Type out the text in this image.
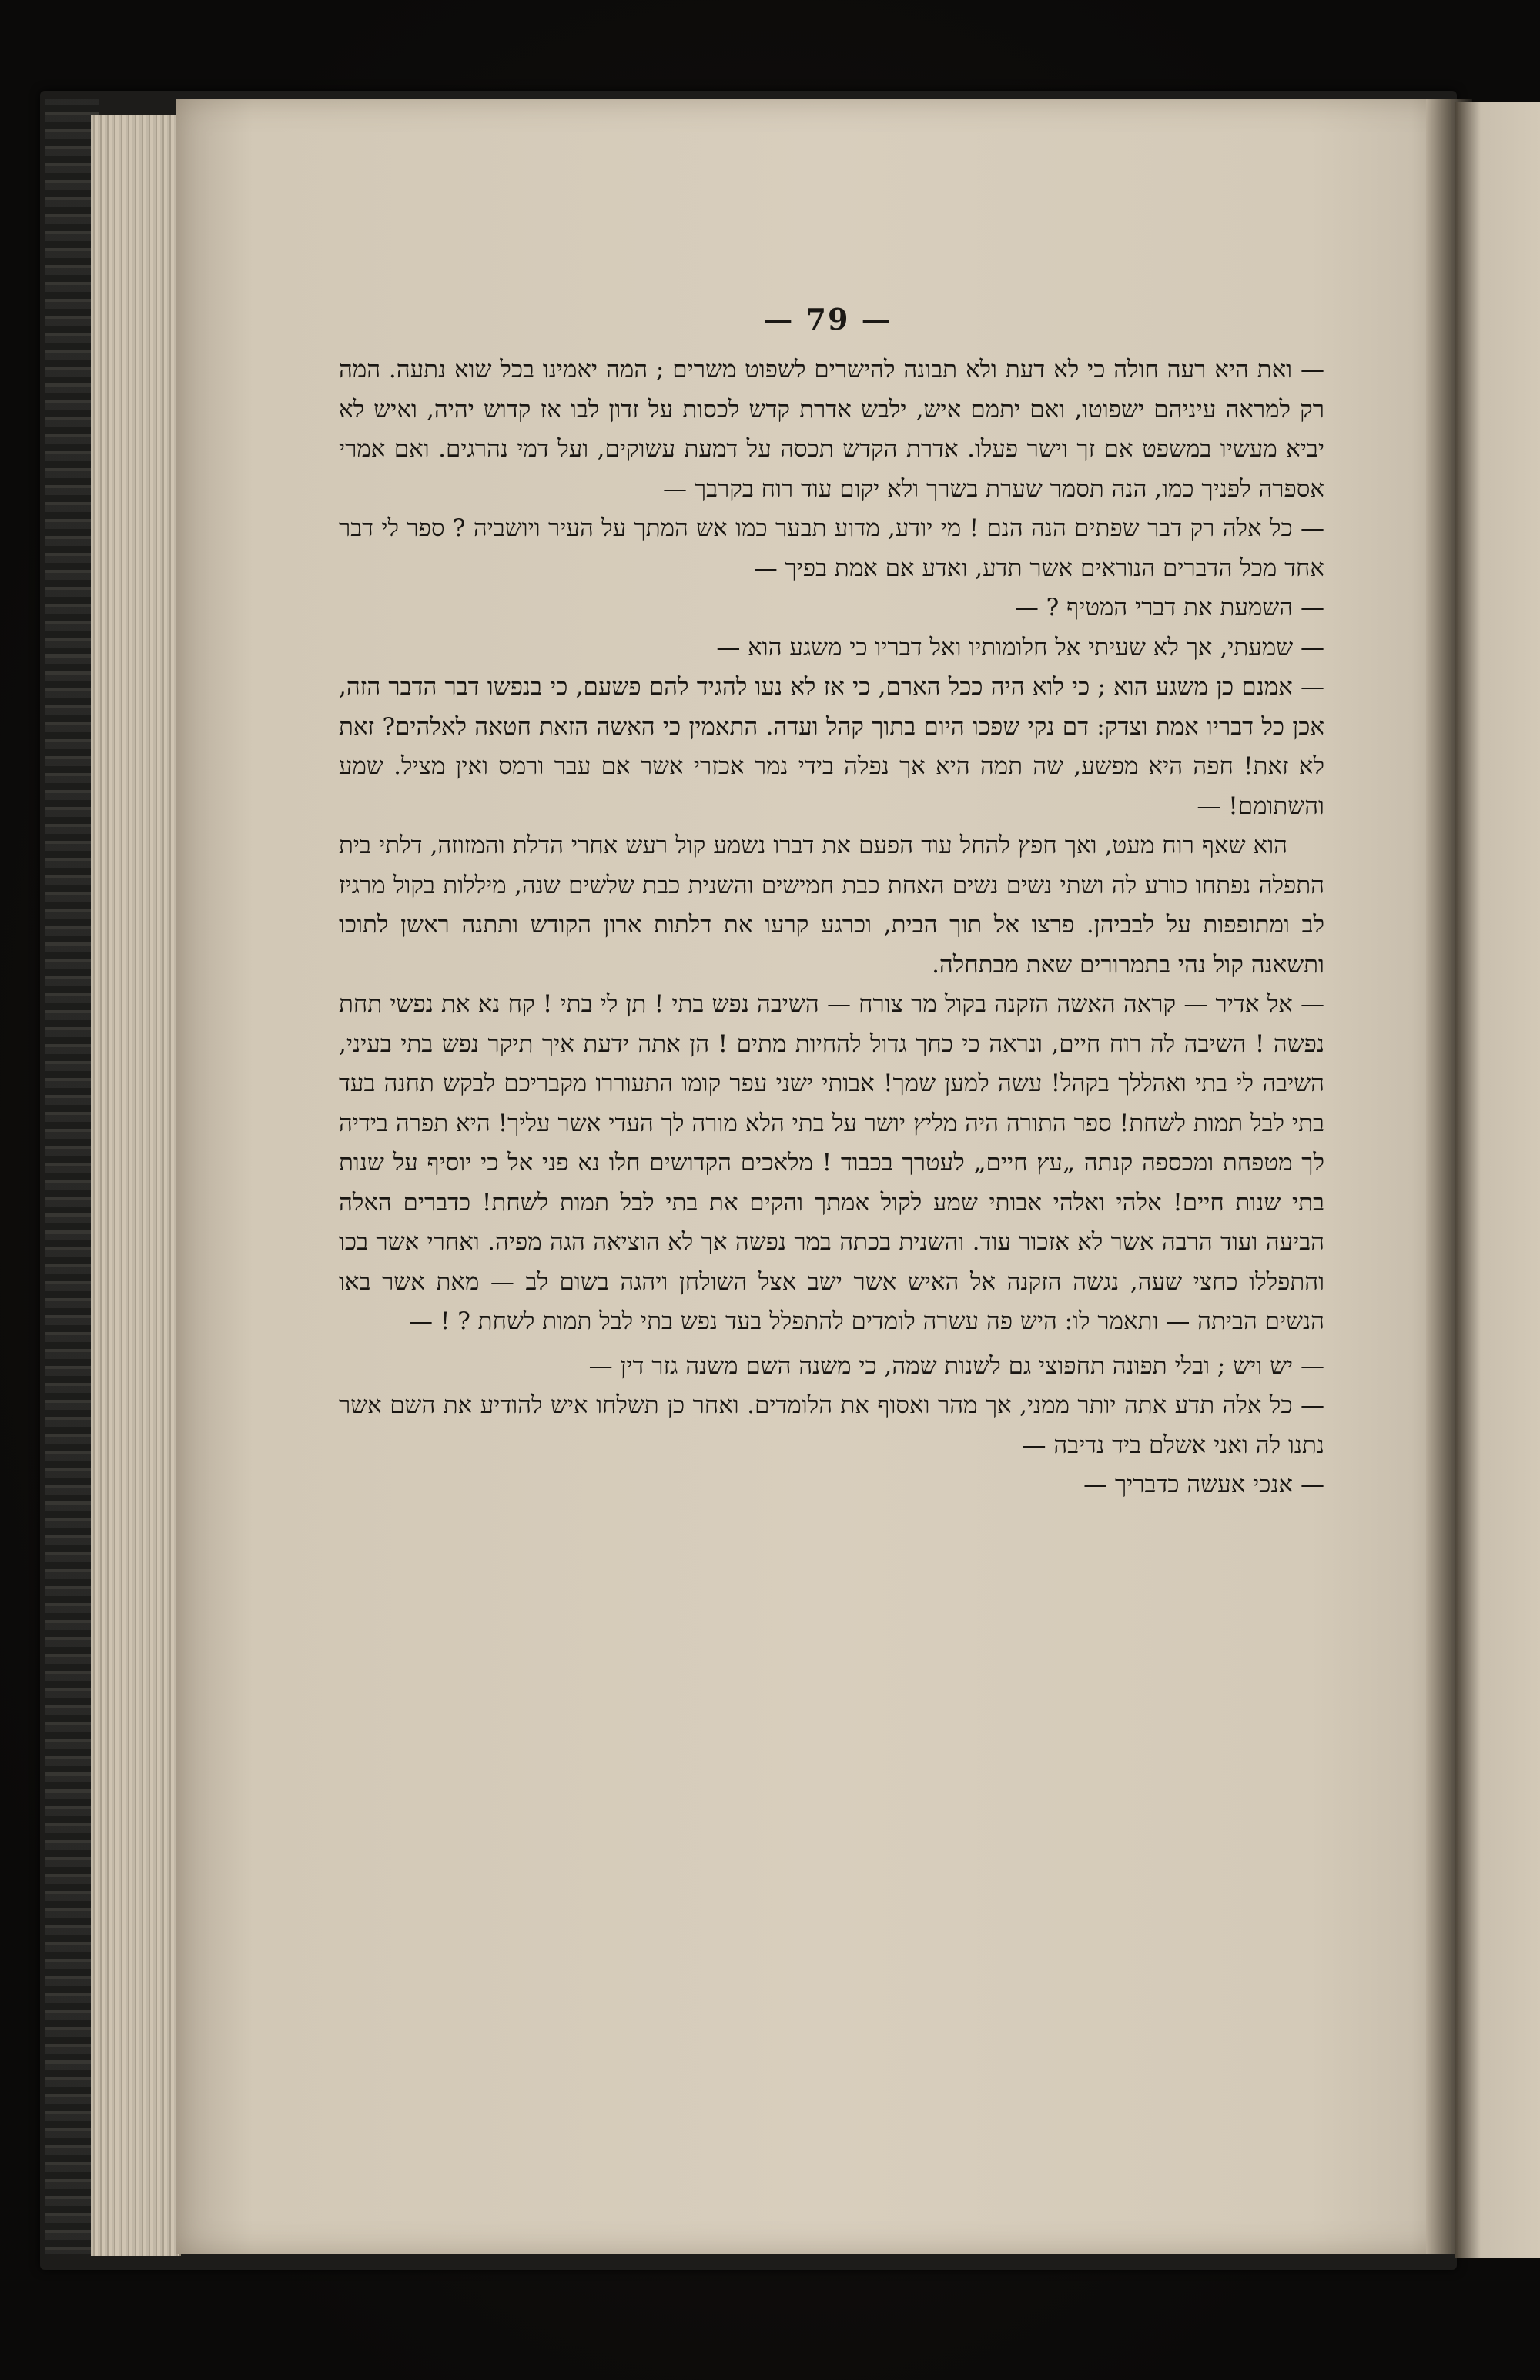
— 79 —

— ואת היא רעה חולה כי לא דעת ולא תבונה להישרים לשפוט משרים ; המה יאמינו בכל שוא נתעה. המה רק למראה עיניהם ישפוטו, ואם יתמם איש, ילבש אדרת קדש לכסות על זדון לבו אז קדוש יהיה, ואיש לא יביא מעשיו במשפט אם זך וישר פעלו. אדרת הקדש תכסה על דמעת עשוקים, ועל דמי נהרגים. ואם אמרי אספרה לפניך כמו, הנה תסמר שערת בשרך ולא יקום עוד רוח בקרבך —

— כל אלה רק דבר שפתים הנה הנם ! מי יודע, מדוע תבער כמו אש המתך על העיר ויושביה ? ספר לי דבר אחד מכל הדברים הנוראים אשר תדע, ואדע אם אמת בפיך —

— השמעת את דברי המטיף ? —

— שמעתי, אך לא שעיתי אל חלומותיו ואל דבריו כי משגע הוא —

— אמנם כן משגע הוא ; כי לוא היה ככל הארם, כי אז לא נעו להגיד להם פשעם, כי בנפשו דבר הדבר הזה, אכן כל דבריו אמת וצדק: דם נקי שפכו היום בתוך קהל ועדה. התאמין כי האשה הזאת חטאה לאלהים? זאת לא זאת! חפה היא מפשע, שה תמה היא אך נפלה בידי נמר אכזרי אשר אם עבר ורמס ואין מציל. שמע והשתומם! —

הוא שאף רוח מעט, ואך חפץ להחל עוד הפעם את דברו נשמע קול רעש אחרי הדלת והמזוזה, דלתי בית התפלה נפתחו כורע לה ושתי נשים נשים האחת כבת חמישים והשנית כבת שלשים שנה, מיללות בקול מרגיז לב ומתופפות על לבביהן. פרצו אל תוך הבית, וכרגע קרעו את דלתות ארון הקודש ותתנה ראשן לתוכו ותשאנה קול נהי בתמרורים שאת מבתחלה.

— אל אדיר — קראה האשה הזקנה בקול מר צורח — השיבה נפש בתי ! תן לי בתי ! קח נא את נפשי תחת נפשה ! השיבה לה רוח חיים, ונראה כי כחך גדול להחיות מתים ! הן אתה ידעת איך תיקר נפש בתי בעיני, השיבה לי בתי ואהללך בקהל! עשה למען שמך! אבותי ישני עפר קומו התעוררו מקבריכם לבקש תחנה בעד בתי לבל תמות לשחת! ספר התורה היה מליץ יושר על בתי הלא מורה לך העדי אשר עליך! היא תפרה בידיה לך מטפחת ומכספה קנתה „עץ חיים„ לעטרך בכבוד ! מלאכים הקדושים חלו נא פני אל כי יוסיף על שנות בתי שנות חיים! אלהי ואלהי אבותי שמע לקול אמתך והקים את בתי לבל תמות לשחת! כדברים האלה הביעה ועוד הרבה אשר לא אזכור עוד. והשנית בכתה במר נפשה אך לא הוציאה הגה מפיה. ואחרי אשר בכו והתפללו כחצי שעה, נגשה הזקנה אל האיש אשר ישב אצל השולחן ויהגה בשום לב — מאת אשר באו הנשים הביתה — ותאמר לו: היש פה עשרה לומדים להתפלל בעד נפש בתי לבל תמות לשחת ? ! —

— יש ויש ; ובלי תפונה תחפוצי גם לשנות שמה, כי משנה השם משנה גזר דין —

— כל אלה תדע אתה יותר ממני, אך מהר ואסוף את הלומדים. ואחר כן תשלחו איש להודיע את השם אשר נתנו לה ואני אשלם ביד נדיבה —

— אנכי אעשה כדבריך —
